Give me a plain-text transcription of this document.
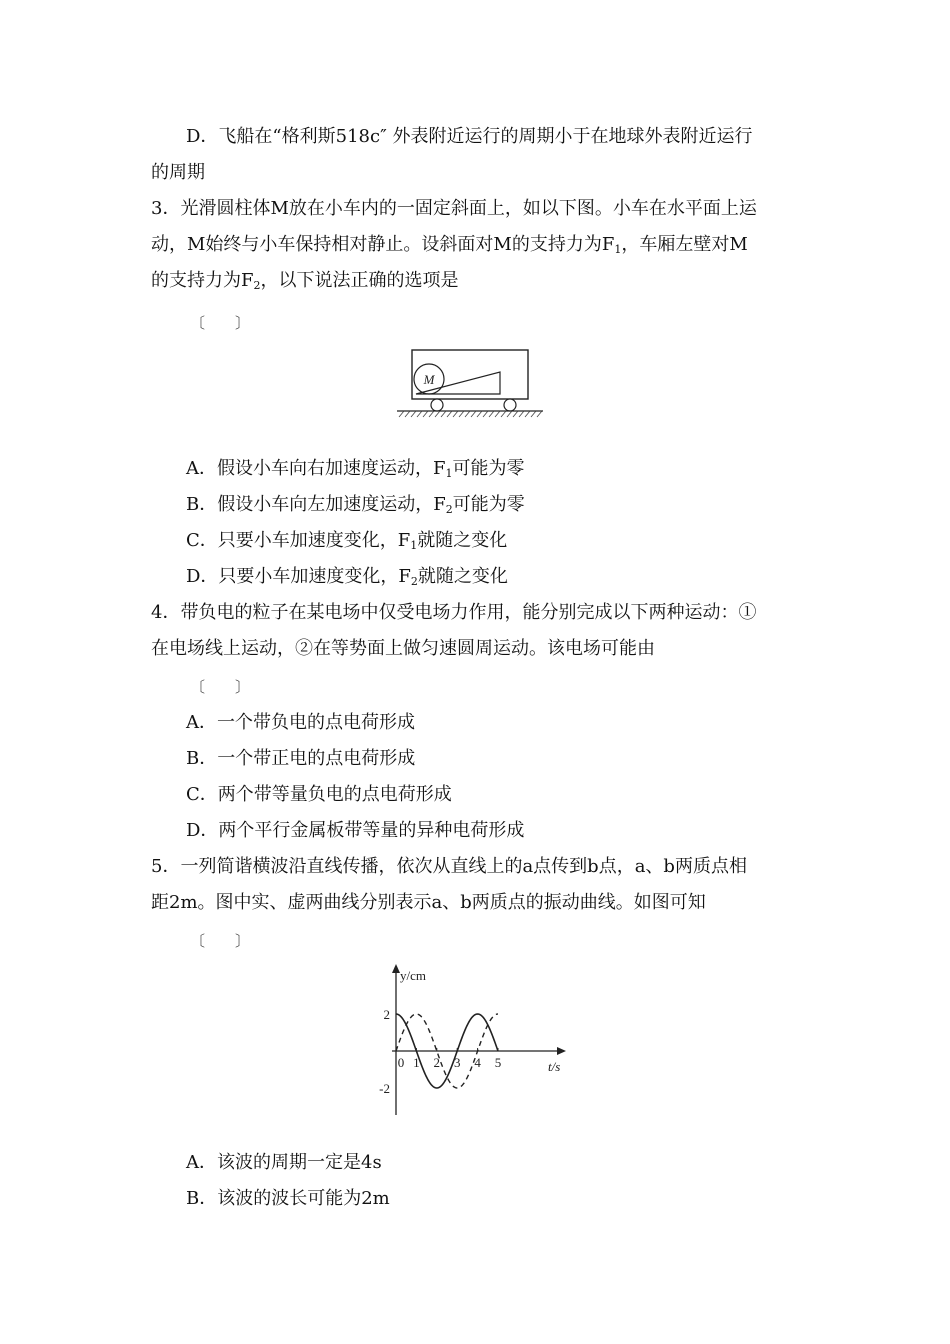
D．飞船在“格利斯518c″ 外表附近运行的周期小于在地球外表附近运行
的周期
3．光滑圆柱体M放在小车内的一固定斜面上，如以下图。小车在水平面上运
动，M始终与小车保持相对静止。设斜面对M的支持力为$F_1$，车厢左壁对M
的支持力为$F_2$，以下说法正确的选项是
〔　　〕
M
A．假设小车向右加速度运动，$F_1$可能为零
B．假设小车向左加速度运动，$F_2$可能为零
C．只要小车加速度变化，$F_1$就随之变化
D．只要小车加速度变化，$F_2$就随之变化
4．带负电的粒子在某电场中仅受电场力作用，能分别完成以下两种运动：①
在电场线上运动，②在等势面上做匀速圆周运动。该电场可能由
〔　　〕
A．一个带负电的点电荷形成
B．一个带正电的点电荷形成
C．两个带等量负电的点电荷形成
D．两个平行金属板带等量的异种电荷形成
5．一列简谐横波沿直线传播，依次从直线上的a点传到b点，a、b两质点相
距2m。图中实、虚两曲线分别表示a、b两质点的振动曲线。如图可知
〔　　〕
y/cm
t/s
0 1 2 3 4 5
2
-2
A．该波的周期一定是4s
B．该波的波长可能为2m
